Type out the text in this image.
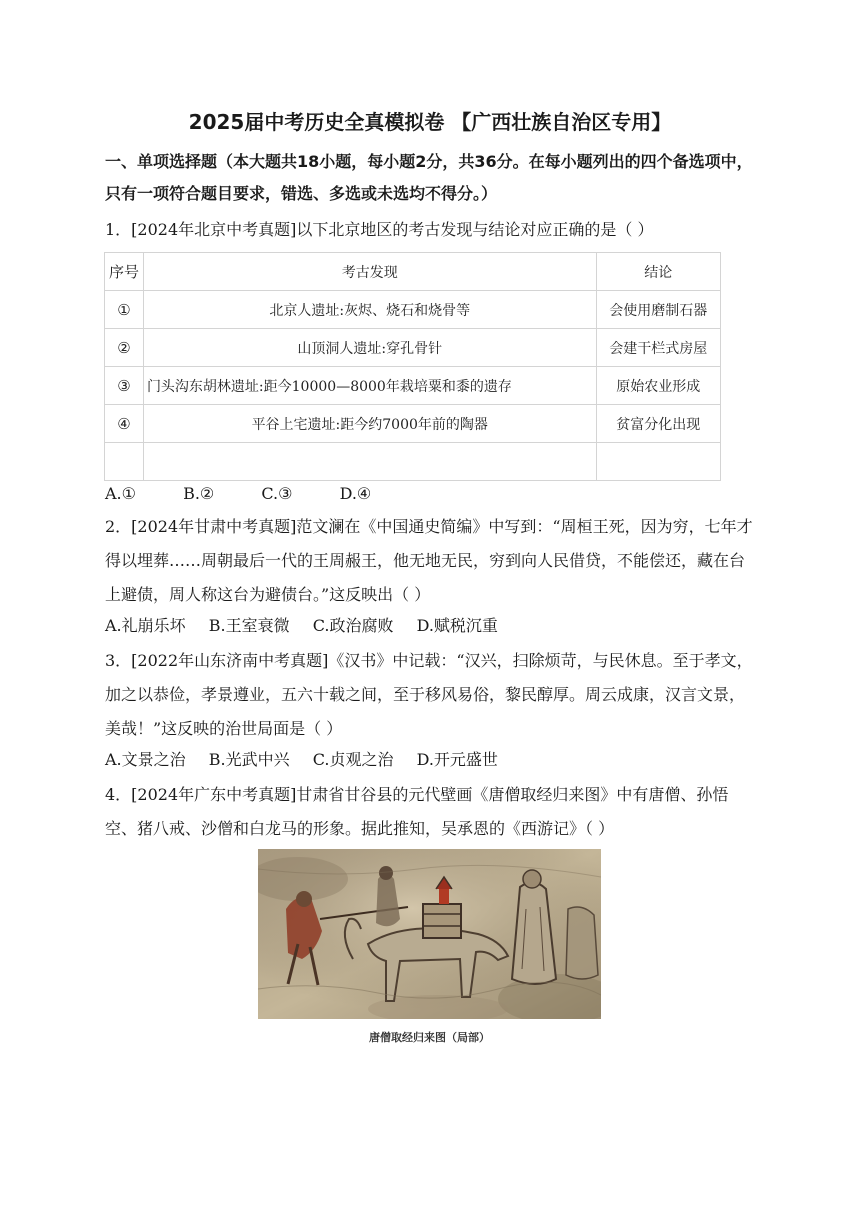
2025届中考历史全真模拟卷 【广西壮族自治区专用】
一、单项选择题（本大题共18小题，每小题2分，共36分。在每小题列出的四个备选项中，只有一项符合题目要求，错选、多选或未选均不得分。）
1．[2024年北京中考真题]以下北京地区的考古发现与结论对应正确的是（ ）
序号	考古发现	结论
①	北京人遗址:灰烬、烧石和烧骨等	会使用磨制石器
②	山顶洞人遗址:穿孔骨针	会建干栏式房屋
③	门头沟东胡林遗址:距今10000—8000年栽培粟和黍的遗存	原始农业形成
④	平谷上宅遗址:距今约7000年前的陶器	贫富分化出现

A.①	B.②	C.③	D.④
2．[2024年甘肃中考真题]范文澜在《中国通史简编》中写到：“周桓王死，因为穷，七年才得以埋葬……周朝最后一代的王周赧王，他无地无民，穷到向人民借贷，不能偿还，藏在台上避债，周人称这台为避债台。”这反映出（ ）
A.礼崩乐坏 B.王室衰微 C.政治腐败 D.赋税沉重
3．[2022年山东济南中考真题]《汉书》中记载：“汉兴，扫除烦苛，与民休息。至于孝文，加之以恭俭，孝景遵业，五六十载之间，至于移风易俗，黎民醇厚。周云成康，汉言文景，美哉！”这反映的治世局面是（ ）
A.文景之治 B.光武中兴 C.贞观之治 D.开元盛世
4．[2024年广东中考真题]甘肃省甘谷县的元代壁画《唐僧取经归来图》中有唐僧、孙悟空、猪八戒、沙僧和白龙马的形象。据此推知，吴承恩的《西游记》（ ）
唐僧取经归来图（局部）
